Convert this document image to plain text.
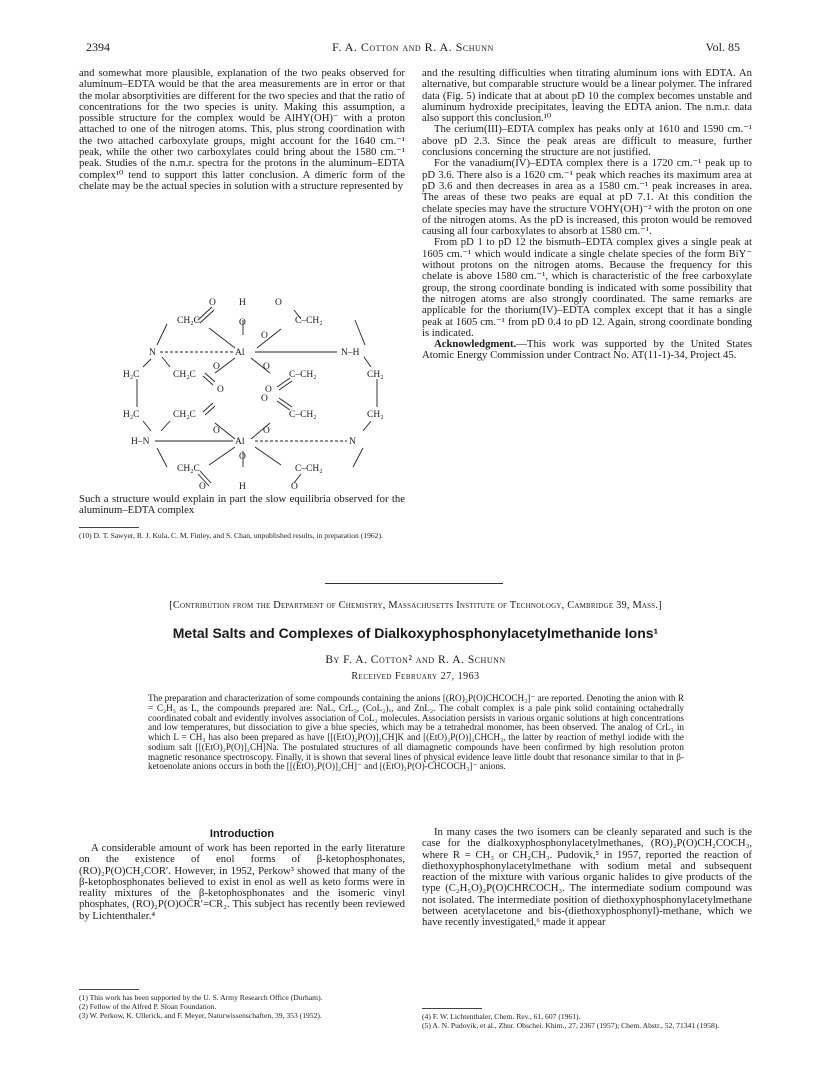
2394	F. A. Cotton and R. A. Schunn	Vol. 85

and somewhat more plausible, explanation of the two peaks observed for aluminum–EDTA would be that the area measurements are in error or that the molar absorptivities are different for the two species and that the ratio of concentrations for the two species is unity. Making this assumption, a possible structure for the complex would be AlHY(OH)⁻ with a proton attached to one of the nitrogen atoms. This, plus strong coordination with the two attached carboxylate groups, might account for the 1640 cm.⁻¹ peak, while the other two carboxylates could bring about the 1580 cm.⁻¹ peak. Studies of the n.m.r. spectra for the protons in the aluminum–EDTA complex¹⁰ tend to support this latter conclusion. A dimeric form of the chelate may be the actual species in solution with a structure represented by

O H	O
CH₂C	O	C–CH₂
O
N	Al	N–H
O	O
H₂C	CH₂C	C–CH₂	CH₂
O	O
H₂C	CH₂C	C–CH₂	CH₂
O
H–N	Al	N
O	O
CH₂C
O
C–CH₂
O	H	O
Such a structure would explain in part the slow equilibria observed for the aluminum–EDTA complex
(10) D. T. Sawyer, R. J. Kula, C. M. Finley, and S. Chan, unpublished results, in preparation (1962).

and the resulting difficulties when titrating aluminum ions with EDTA. An alternative, but comparable structure would be a linear polymer. The infrared data (Fig. 5) indicate that at about pD 10 the complex becomes unstable and aluminum hydroxide precipitates, leaving the EDTA anion. The n.m.r. data also support this conclusion.¹⁰

The cerium(III)–EDTA complex has peaks only at 1610 and 1590 cm.⁻¹ above pD 2.3. Since the peak areas are difficult to measure, further conclusions concerning the structure are not justified.

For the vanadium(IV)–EDTA complex there is a 1720 cm.⁻¹ peak up to pD 3.6. There also is a 1620 cm.⁻¹ peak which reaches its maximum area at pD 3.6 and then decreases in area as a 1580 cm.⁻¹ peak increases in area. The areas of these two peaks are equal at pD 7.1. At this condition the chelate species may have the structure VOHY(OH)⁻² with the proton on one of the nitrogen atoms. As the pD is increased, this proton would be removed causing all four carboxylates to absorb at 1580 cm.⁻¹.

From pD 1 to pD 12 the bismuth–EDTA complex gives a single peak at 1605 cm.⁻¹ which would indicate a single chelate species of the form BiY⁻ without protons on the nitrogen atoms. Because the frequency for this chelate is above 1580 cm.⁻¹, which is characteristic of the free carboxylate group, the strong coordinate bonding is indicated with some possibility that the nitrogen atoms are also strongly coordinated. The same remarks are applicable for the thorium(IV)–EDTA complex except that it has a single peak at 1605 cm.⁻¹ from pD 0.4 to pD 12. Again, strong coordinate bonding is indicated.

Acknowledgment.—This work was supported by the United States Atomic Energy Commission under Contract No. AT(11-1)-34, Project 45.

[Contribution from the Department of Chemistry, Massachusetts Institute of Technology, Cambridge 39, Mass.]
Metal Salts and Complexes of Dialkoxyphosphonylacetylmethanide Ions¹
By F. A. Cotton² and R. A. Schunn
Received February 27, 1963
The preparation and characterization of some compounds containing the anions [(RO)₂P(O)CHCOCH₃]⁻ are reported. Denoting the anion with R = C₂H₅ as L, the compounds prepared are: NaL, CrL₃, (CoL₂)ₓ, and ZnL₂. The cobalt complex is a pale pink solid containing octahedrally coordinated cobalt and evidently involves association of CoL₂ molecules. Association persists in various organic solutions at high concentrations and low temperatures, but dissociation to give a blue species, which may be a tetrahedral monomer, has been observed. The analog of CrL₃ in which L = CH₃ has also been prepared as have [[(EtO)₂P(O)]₂CH]K and [(EtO)₂P(O)]₂CHCH₃, the latter by reaction of methyl iodide with the sodium salt [[(EtO)₂P(O)]₂CH]Na. The postulated structures of all diamagnetic compounds have been confirmed by high resolution proton magnetic resonance spectroscopy. Finally, it is shown that several lines of physical evidence leave little doubt that resonance similar to that in β-ketoenolate anions occurs in both the [[(EtO)₂P(O)]₂CH]⁻ and [(EtO)₂P(O)-CHCOCH₃]⁻ anions.
Introduction

A considerable amount of work has been reported in the early literature on the existence of enol forms of β-ketophosphonates, (RO)₂P(O)CH₂COR′. However, in 1952, Perkow³ showed that many of the β-ketophosphonates believed to exist in enol as well as keto forms were in reality mixtures of the β-ketophosphonates and the isomeric vinyl phosphates, (RO)₂P(O)OC̄R′=CR₂. This subject has recently been reviewed by Lichtenthaler.⁴

(1) This work has been supported by the U. S. Army Research Office (Durham).
(2) Fellow of the Alfred P. Sloan Foundation.
(3) W. Perkow, K. Ullerick, and F. Meyer, Naturwissenschaften, 39, 353 (1952).

In many cases the two isomers can be cleanly separated and such is the case for the dialkoxyphosphonylacetylmethanes, (RO)₂P(O)CH₂COCH₃, where R = CH₃ or CH₂CH₃. Pudovik,⁵ in 1957, reported the reaction of diethoxyphosphonylacetylmethane with sodium metal and subsequent reaction of the mixture with various organic halides to give products of the type (C₂H₅O)₂P(O)CHRCOCH₃. The intermediate sodium compound was not isolated. The intermediate position of diethoxyphosphonylacetylmethane between acetylacetone and bis-(diethoxyphosphonyl)-methane, which we have recently investigated,⁶ made it appear

(4) F. W. Lichtenthaler, Chem. Rev., 61, 607 (1961).
(5) A. N. Pudovik, et al., Zhur. Obschei. Khim., 27, 2367 (1957); Chem. Abstr., 52, 71341 (1958).
